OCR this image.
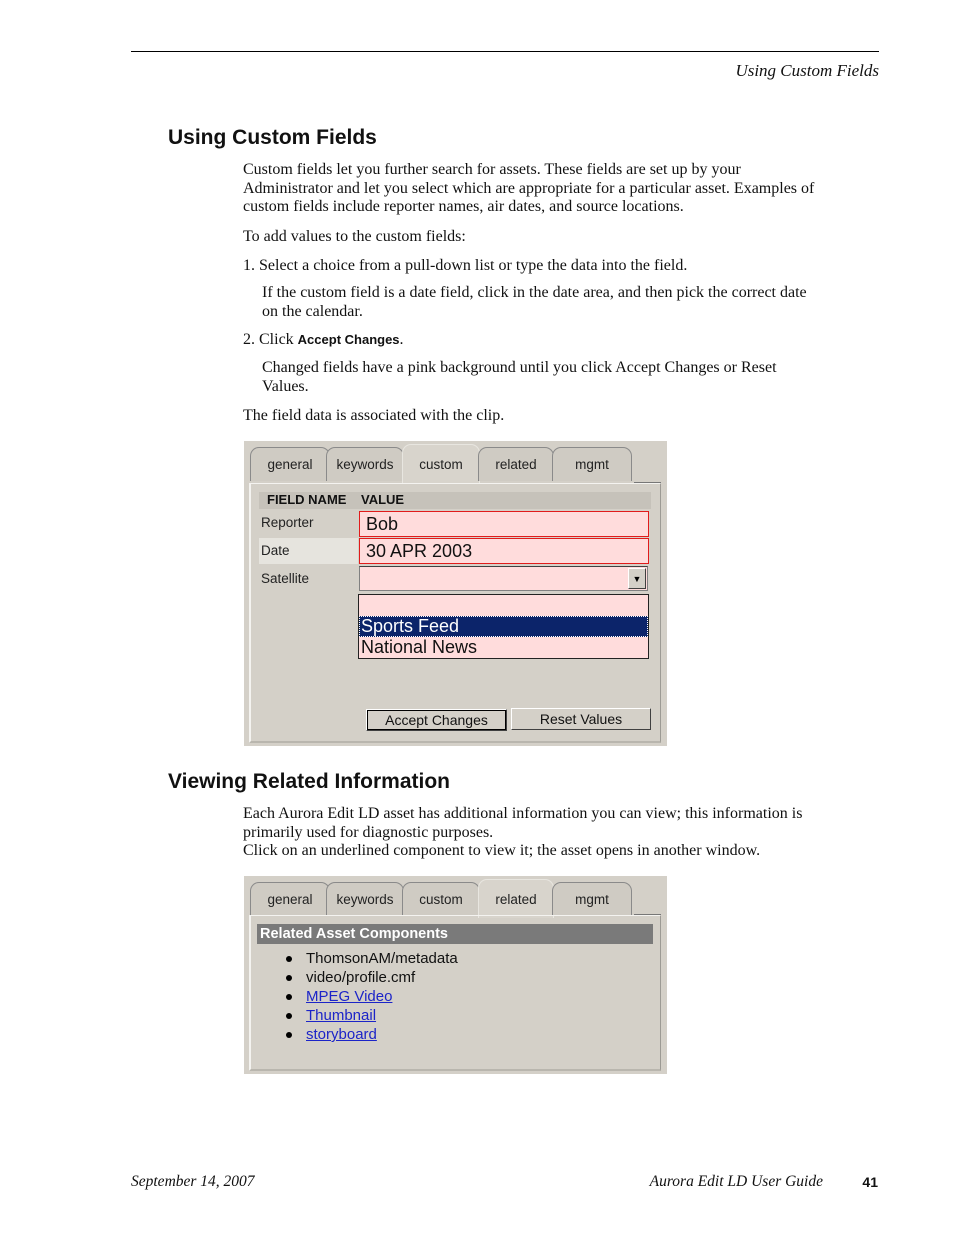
Using Custom Fields
Using Custom Fields

Custom fields let you further search for assets. These fields are set up by your Administrator and let you select which are appropriate for a particular asset. Examples of custom fields include reporter names, air dates, and source locations.

To add values to the custom fields:

1. Select a choice from a pull-down list or type the data into the field.

If the custom field is a date field, click in the date area, and then pick the correct date on the calendar.

2. Click Accept Changes.

Changed fields have a pink background until you click Accept Changes or Reset Values.

The field data is associated with the clip.

general	keywords	custom	related	mgmt
FIELD NAME VALUE
Reporter	Bob
Date	30 APR 2003
Satellite	▼
Sports Feed
National News
Accept Changes	Reset Values
Viewing Related Information

Each Aurora Edit LD asset has additional information you can view; this information is primarily used for diagnostic purposes.

Click on an underlined component to view it; the asset opens in another window.

general	keywords	custom	related	mgmt
Related Asset Components
ThomsonAM/metadata
video/profile.cmf
MPEG Video
Thumbnail
storyboard
September 14, 2007	Aurora Edit LD User Guide	41
